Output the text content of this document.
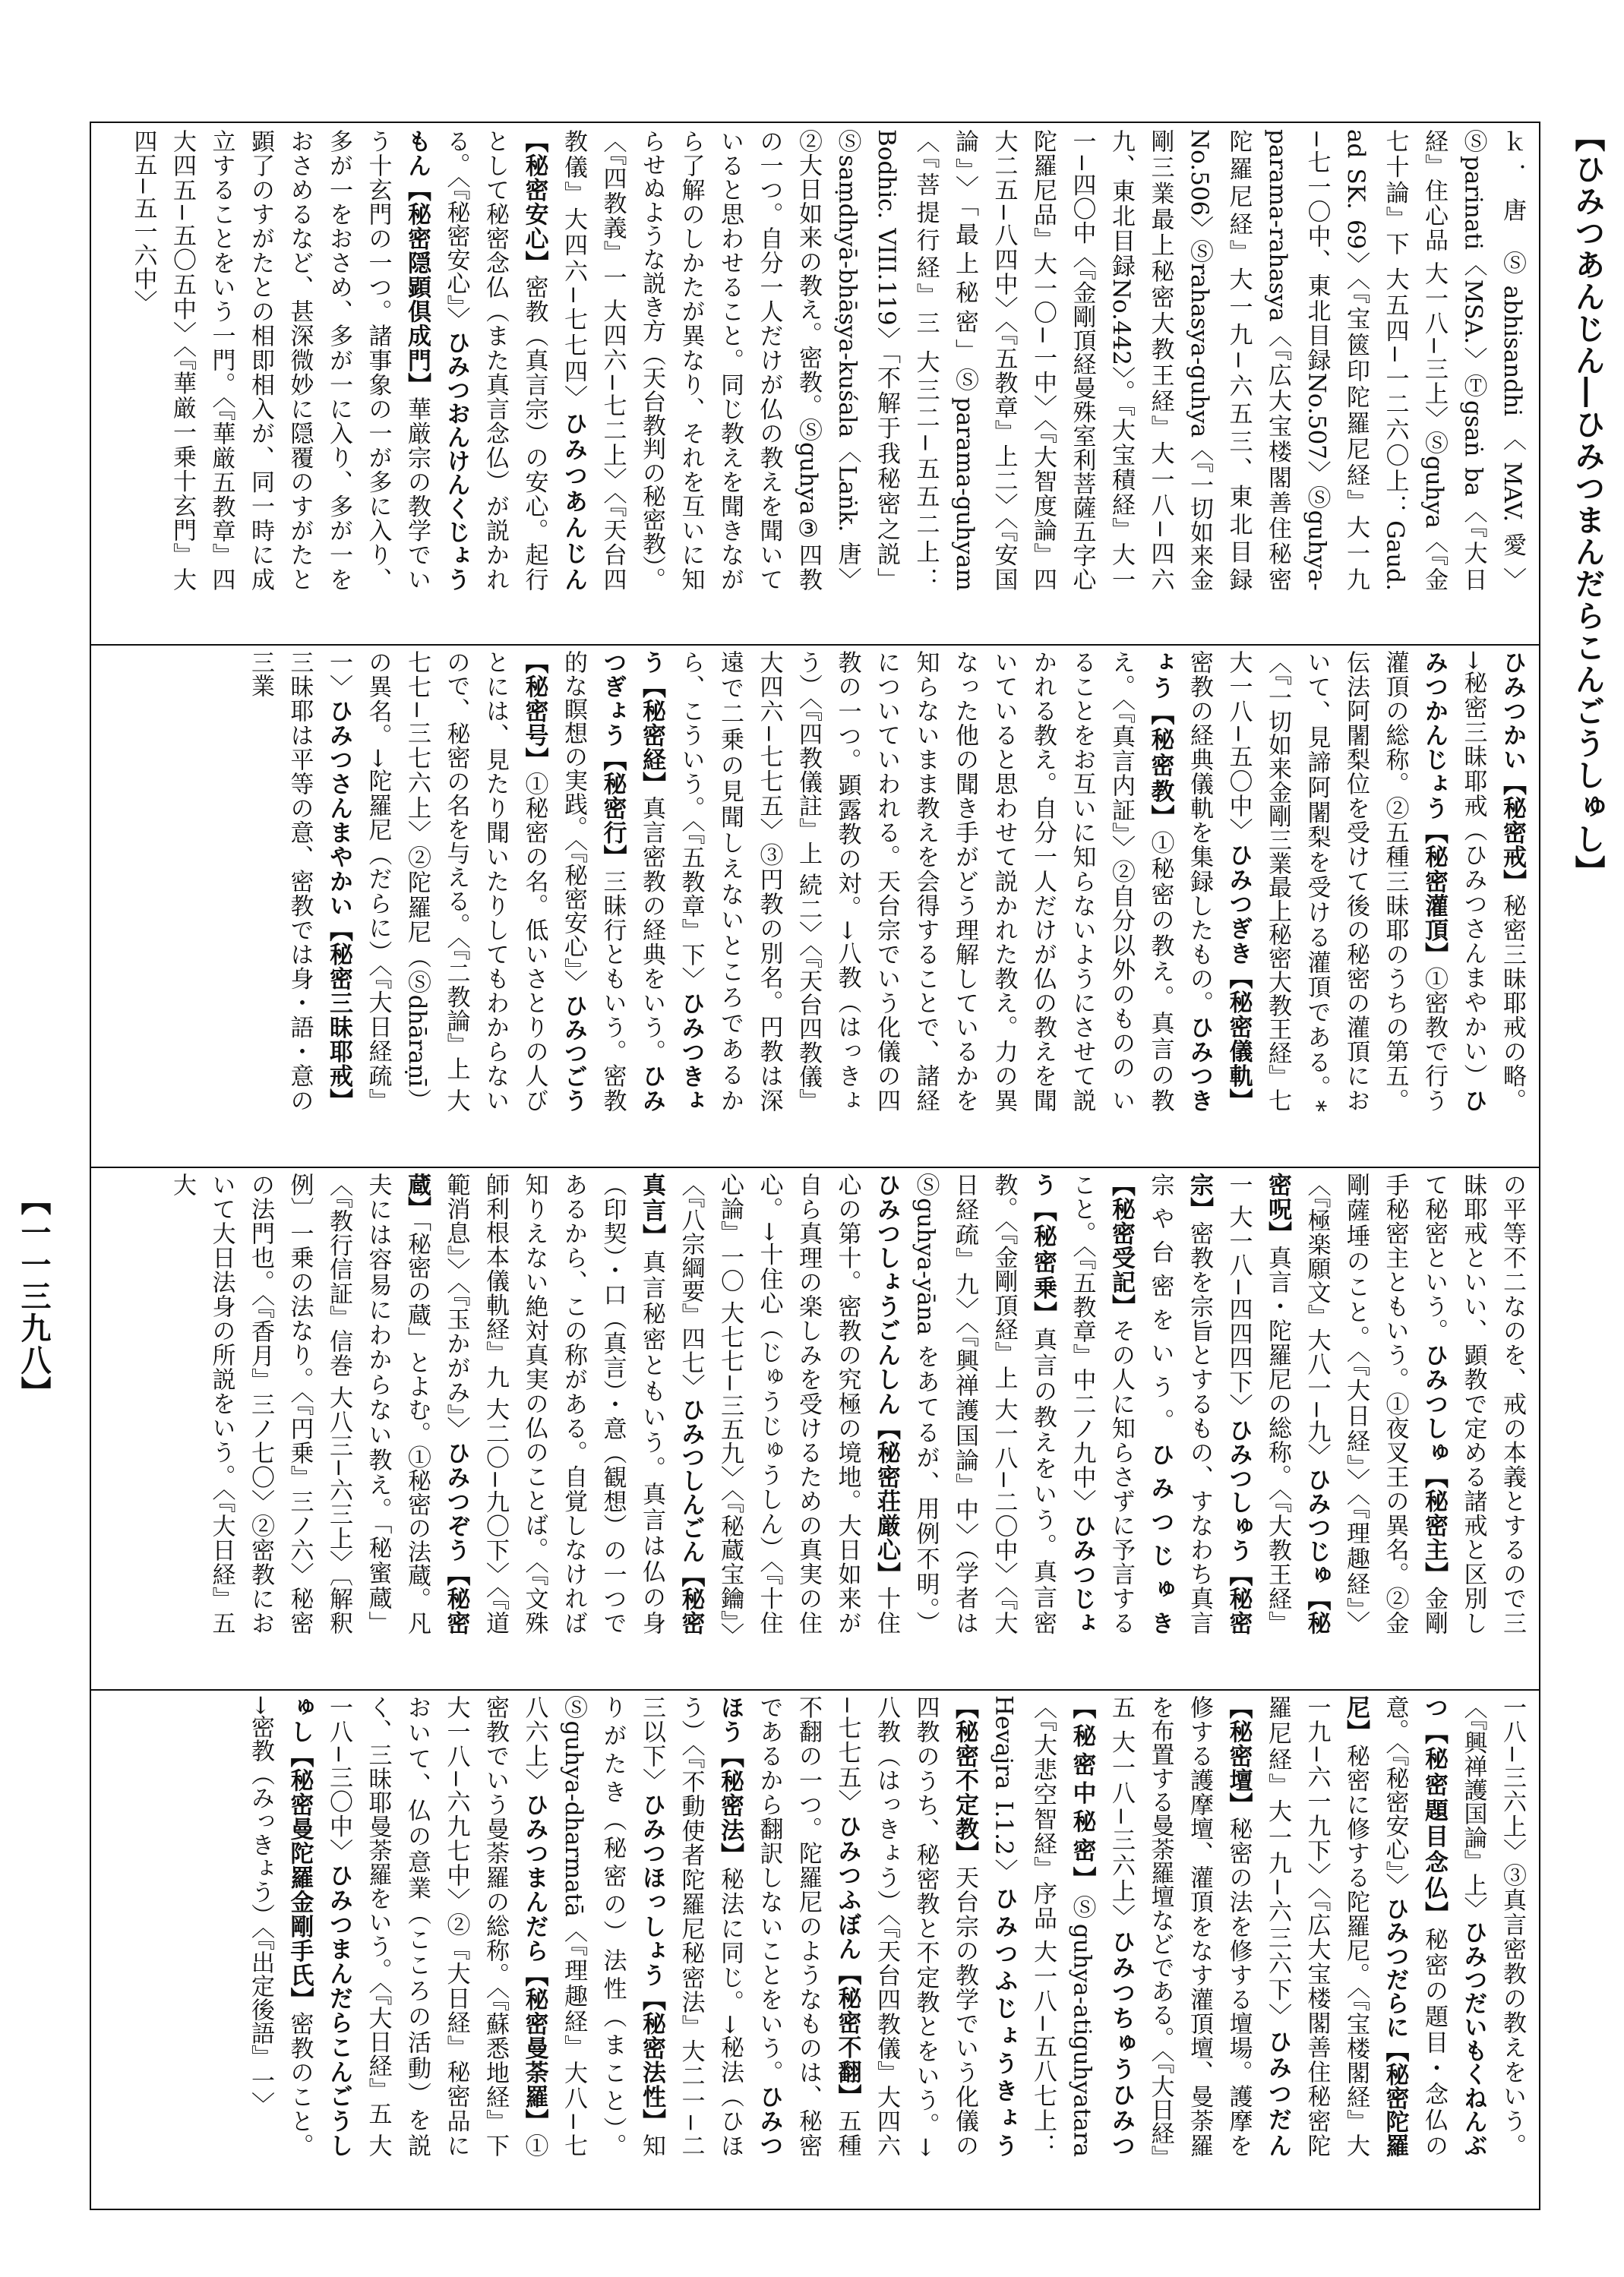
【ひみつあんじん―ひみつまんだらこんごうしゅし】
【一一三九八】
ｋ．唐 Ⓢabhisandhi〈MAV.愛〉Ⓢparinati〈MSA.〉Ⓣgsaṅ ba〈『大日経』住心品 大一八−三上〉Ⓢguhya〈『金七十論』下 大五四−一二六〇上：Gaud. ad SK. 69〉〈『宝篋印陀羅尼経』大一九−七一〇中、東北目録No.507〉Ⓢguhya-parama-rahasya〈『広大宝楼閣善住秘密陀羅尼経』大一九−六五三、東北目録No.506〉Ⓢrahasya-guhya〈『一切如来金剛三業最上秘密大教王経』大一八−四六九、東北目録No.442〉。『大宝積経』大一一−四〇中〈『金剛頂経曼殊室利菩薩五字心陀羅尼品』大一〇−一中〉〈『大智度論』四 大二五−八四中〉〈『五教章』上二〉〈『安国論』〉「最上秘密」Ⓢparama-guhyam〈『菩提行経』三 大三二−五五二上：Bodhic. VIII.119〉「不解于我秘密之説」Ⓢsaṃdhyā-bhāṣya-kuśala〈Laṅk. 唐〉②大日如来の教え。密教。Ⓢguhya③四教の一つ。自分一人だけが仏の教えを聞いていると思わせること。同じ教えを聞きながら了解のしかたが異なり、それを互いに知らせぬような説き方（天台教判の秘密教）。〈『四教義』一 大四六−七二上〉〈『天台四教儀』大四六−七七四〉ひみつあんじん【秘密安心】密教（真言宗）の安心。起行として秘密念仏（また真言念仏）が説かれる。〈『秘密安心』〉ひみつおんけんくじょうもん【秘密隠顕倶成門】華厳宗の教学でいう十玄門の一つ。諸事象の一が多に入り、多が一をおさめ、多が一に入り、多が一をおさめるなど、甚深微妙に隠覆のすがたと顕了のすがたとの相即相入が、同一時に成立することをいう一門。〈『華厳五教章』四 大四五−五〇五中〉〈『華厳一乗十玄門』大四五−五一六中〉
ひみつかい【秘密戒】秘密三昧耶戒の略。→秘密三昧耶戒（ひみつさんまやかい）ひみつかんじょう【秘密灌頂】①密教で行う灌頂の総称。②五種三昧耶のうちの第五。伝法阿闍梨位を受けて後の秘密の灌頂において、見諦阿闍梨を受ける灌頂である。*〈『一切如来金剛三業最上秘密大教王経』七 大一八−五〇中〉ひみつぎき【秘密儀軌】密教の経典儀軌を集録したもの。ひみつきょう【秘密教】①秘密の教え。真言の教え。〈『真言内証』〉②自分以外のものの いることをお互いに知らないようにさせて説かれる教え。自分一人だけが仏の教えを聞いていると思わせて説かれた教え。力の異なった他の聞き手がどう理解しているかを知らないまま教えを会得することで、諸経についていわれる。天台宗でいう化儀の四教の一つ。顕露教の対。→八教（はっきょう）〈『四教儀註』上 続二〉〈『天台四教儀』大四六−七七五〉③円教の別名。円教は深遠で二乗の見聞しえないところであるから、こういう。〈『五教章』下〉ひみつきょう【秘密経】真言密教の経典をいう。ひみつぎょう【秘密行】三昧行ともいう。密教的な瞑想の実践。〈『秘密安心』〉ひみつごう【秘密号】①秘密の名。低いさとりの人びとには、見たり聞いたりしてもわからないので、秘密の名を与える。〈『二教論』上 大七七−三七六上〉②陀羅尼（Ⓢdhāraṇī）の異名。→陀羅尼（だらに）〈『大日経疏』一〉ひみつさんまやかい【秘密三昧耶戒】三昧耶は平等の意、密教では身・語・意の三業
の平等不二なのを、戒の本義とするので三昧耶戒といい、顕教で定める諸戒と区別して秘密という。ひみつしゅ【秘密主】金剛手秘密主ともいう。①夜叉王の異名。②金剛薩埵のこと。〈『大日経』〉〈『理趣経』〉〈『極楽願文』大八一−九〉ひみつじゅ【秘密呪】真言・陀羅尼の総称。〈『大教王経』一 大一八−四四四下〉ひみつしゅう【秘密宗】密教を宗旨とするもの、すなわち真言宗や台密をいう。ひみつじゅき【秘密受記】その人に知らさずに予言すること。〈『五教章』中二ノ九中〉ひみつじょう【秘密乗】真言の教えをいう。真言密教。〈『金剛頂経』上 大一八−二〇中〉〈『大日経疏』九〉〈『興禅護国論』中〉（学者はⓈguhya-yāna をあてるが、用例不明。）ひみつしょうごんしん【秘密荘厳心】十住心の第十。密教の究極の境地。大日如来が自ら真理の楽しみを受けるための真実の住心。→十住心（じゅうじゅうしん）〈『十住心論』一〇 大七七−三五九〉〈『秘蔵宝鑰』〉〈『八宗綱要』四七〉ひみつしんごん【秘密真言】真言秘密ともいう。真言は仏の身（印契）・口（真言）・意（観想）の一つであるから、この称がある。自覚しなければ知りえない絶対真実の仏のことば。〈『文殊師利根本儀軌経』九 大二〇−九〇下〉〈『道範消息』〉〈『玉かがみ』〉ひみつぞう【秘密蔵】「秘密の蔵」とよむ。①秘密の法蔵。凡夫には容易にわからない教え。「秘蜜蔵」〈『教行信証』信巻 大八三−六三上〉〔解釈例〕一乗の法なり。〈『円乗』三ノ六〉秘密の法門也。〈『香月』三ノ七〇〉②密教において大日法身の所説をいう。〈『大日経』五 大
一八−三六上〉③真言密教の教えをいう。〈『興禅護国論』上〉ひみつだいもくねんぶつ【秘密題目念仏】秘密の題目・念仏の意。〈『秘密安心』〉ひみつだらに【秘密陀羅尼】秘密に修する陀羅尼。〈『宝楼閣経』大一九−六一九下〉〈『広大宝楼閣善住秘密陀羅尼経』大一九−六三六下〉ひみつだん【秘密壇】秘密の法を修する壇場。護摩を修する護摩壇、灌頂をなす灌頂壇、曼荼羅を布置する曼荼羅壇などである。〈『大日経』五 大一八−三六上〉ひみつちゅうひみつ【秘密中秘密】Ⓢguhya-atiguhyatara〈『大悲空智経』序品 大一八−五八七上：Hevajra I.1.2〉ひみつふじょうきょう【秘密不定教】天台宗の教学でいう化儀の四教のうち、秘密教と不定教とをいう。→八教（はっきょう）〈『天台四教儀』大四六−七七五〉ひみつふぼん【秘密不翻】五種不翻の一つ。陀羅尼のようなものは、秘密であるから翻訳しないことをいう。ひみつほう【秘密法】秘法に同じ。→秘法（ひほう）〈『不動使者陀羅尼秘密法』大二一−二三以下〉ひみつほっしょう【秘密法性】知りがたき（秘密の）法性（まこと）。Ⓢguhya-dharmatā〈『理趣経』大八−七八六上〉ひみつまんだら【秘密曼荼羅】①密教でいう曼荼羅の総称。〈『蘇悉地経』下 大一八−六九七中〉②『大日経』秘密品において、仏の意業（こころの活動）を説く、三昧耶曼荼羅をいう。〈『大日経』五 大一八−三〇中〉ひみつまんだらこんごうしゅし【秘密曼陀羅金剛手氏】密教のこと。→密教（みっきょう）〈『出定後語』一〉
